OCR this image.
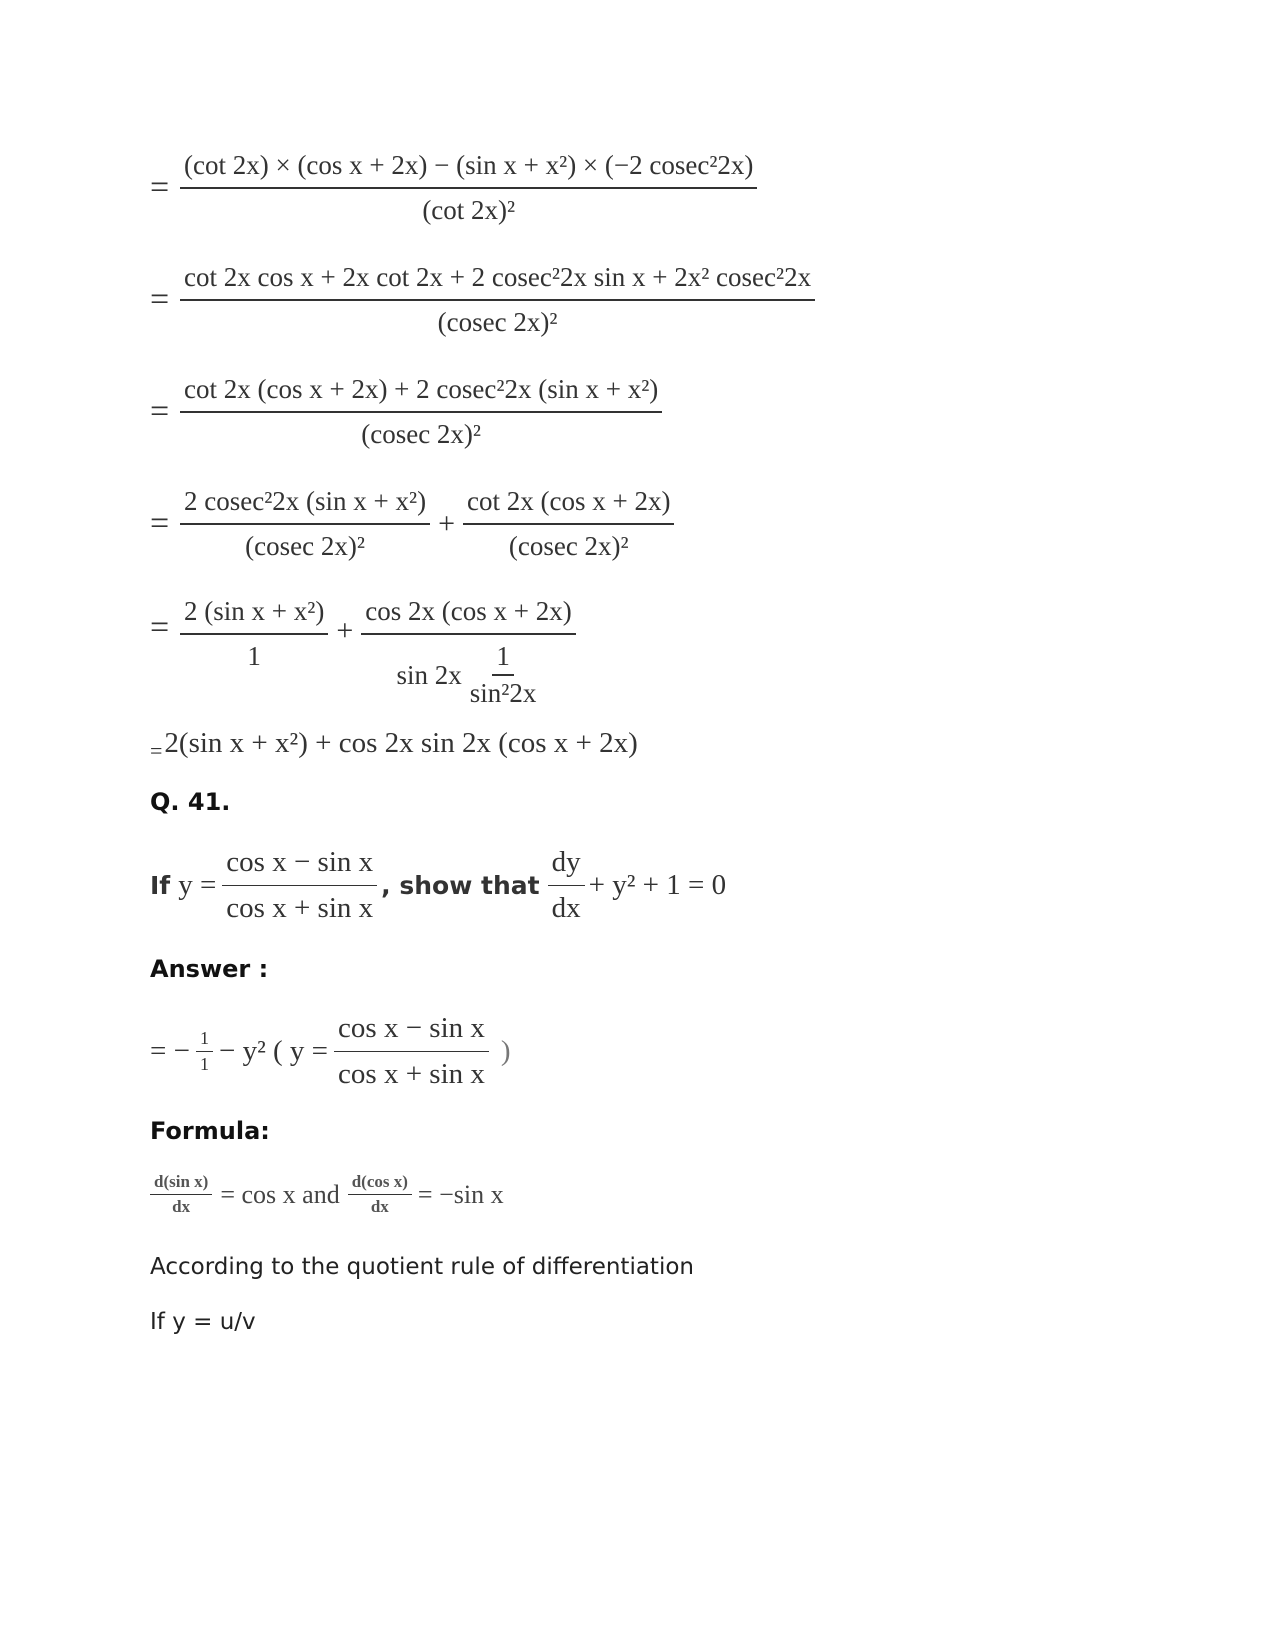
= $\frac{\text{(cot 2x) × (cos x + 2x) − (sin x + x²) × (−2 cosec²2x)}}{\text{(cot 2x)²}}$
=
cot 2x cos x + 2x cot 2x + 2 cosec²2x sin x + 2x² cosec²2x
(cosec 2x)²
= $\frac{\text{cot 2x (cos x + 2x) + 2 cosec²2x (sin x + x²)}}{\text{(cosec 2x)²}}$
= $\frac{\text{2 cosec²2x (sin x + x²)}}{\text{(cosec 2x)²}} + \frac{\text{cot 2x (cos x + 2x)}}{\text{(cosec 2x)²}}$
= $\frac{\text{2 (sin x + x²)}}{1} + \frac{\text{cos 2x (cos x + 2x)}}{\sin 2x \frac{1}{\text{sin²2x}}}$
= 2(sin x + x²) + cos 2x sin 2x (cos x + 2x)
Q. 41.
If $y = \frac{\text{cos x − sin x}}{\text{cos x + sin x}}$ , show that $\frac{dy}{dx} + y^2 + 1 = 0$
Answer :
= − $\frac{1}{1} - y^2$ ( $y = \frac{\text{cos x − sin x}}{\text{cos x + sin x}}$ )
Formula:
$\frac{\text{d(sin x)}}{dx} = \cos x$ and $\frac{\text{d(cos x)}}{dx} = -\sin$ x
According to the quotient rule of differentiation
If y = u/v
